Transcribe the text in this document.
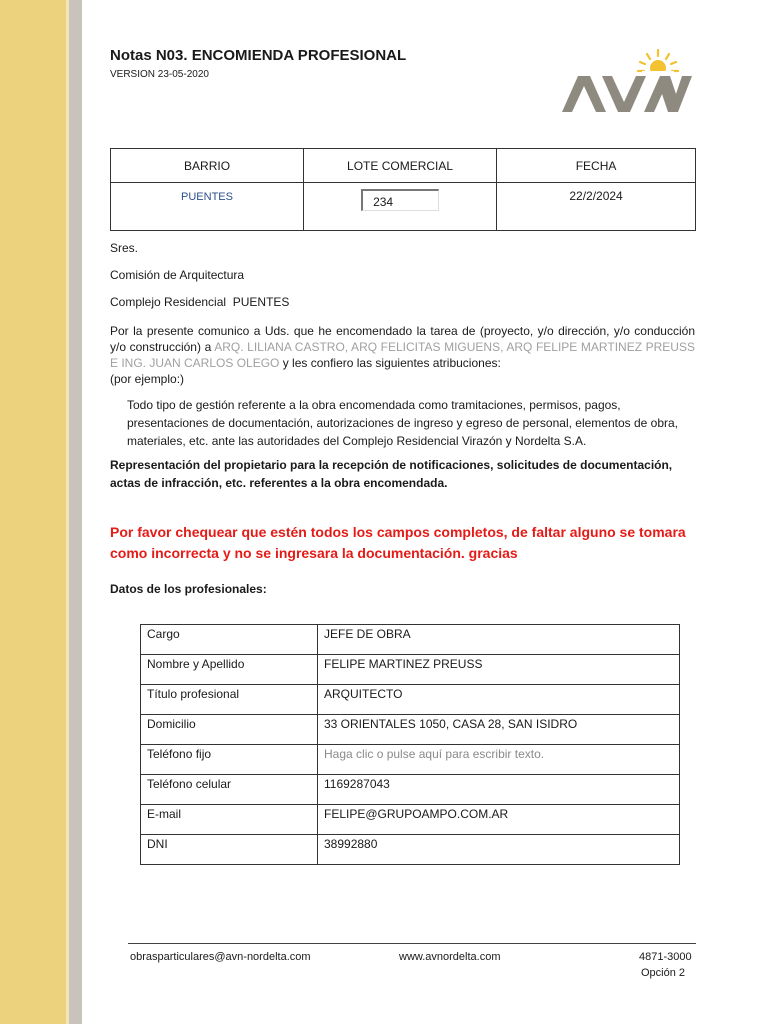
Notas N03. ENCOMIENDA PROFESIONAL
VERSION 23-05-2020
AVN
BARRIO	LOTE COMERCIAL	FECHA
PUENTES	234	22/2/2024
Sres.
Comisión de Arquitectura
Complejo Residencial  PUENTES
Por la presente comunico a Uds. que he encomendado la tarea de (proyecto, y/o dirección, y/o conducción y/o construcción) a ARQ. LILIANA CASTRO, ARQ FELICITAS MIGUENS, ARQ FELIPE MARTINEZ PREUSS E ING. JUAN CARLOS OLEGO y les confiero las siguientes atribuciones:
(por ejemplo:)
Todo tipo de gestión referente a la obra encomendada como tramitaciones, permisos, pagos, presentaciones de documentación, autorizaciones de ingreso y egreso de personal, elementos de obra, materiales, etc. ante las autoridades del Complejo Residencial Virazón y Nordelta S.A.
Representación del propietario para la recepción de notificaciones, solicitudes de documentación, actas de infracción, etc. referentes a la obra encomendada.
Por favor chequear que estén todos los campos completos, de faltar alguno se tomara como incorrecta y no se ingresara la documentación. gracias
Datos de los profesionales:
Cargo	JEFE DE OBRA
Nombre y Apellido	FELIPE MARTINEZ PREUSS
Título profesional	ARQUITECTO
Domicilio	33 ORIENTALES 1050, CASA 28, SAN ISIDRO
Teléfono fijo	Haga clic o pulse aquí para escribir texto.
Teléfono celular	1169287043
E-mail	FELIPE@GRUPOAMPO.COM.AR
DNI	38992880
obrasparticulares@avn-nordelta.com	www.avnordelta.com	4871-3000
Opción 2
